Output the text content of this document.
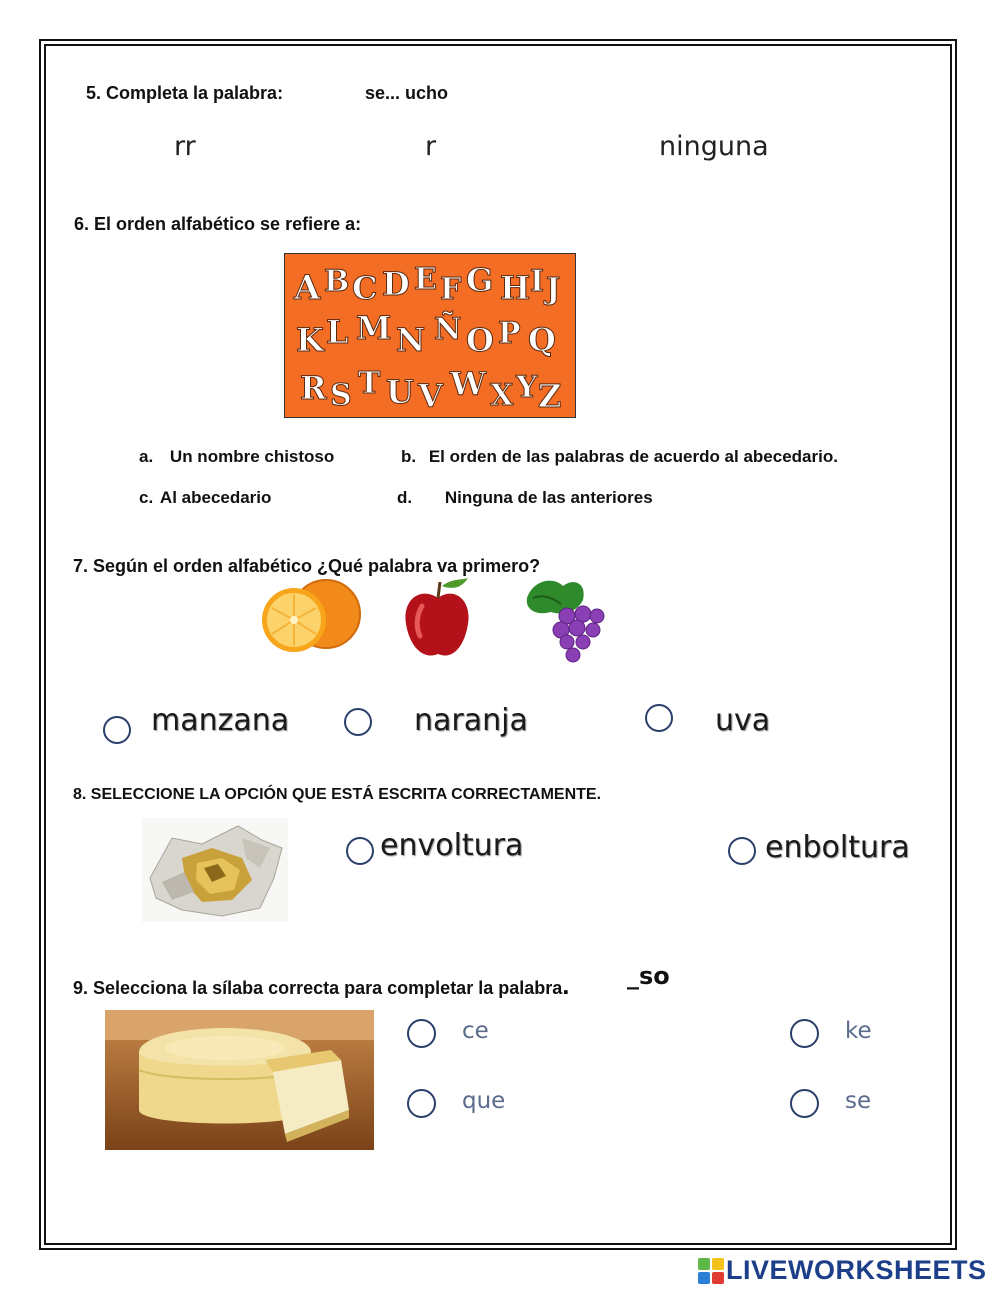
5. Completa la palabra:	se... ucho
rr	r	ninguna
6. El orden alfabético se refiere a:
A B C D E F G H I J
K L M N Ñ O P Q
R S T U V W X Y Z
a. Un nombre chistoso	b. El orden de las palabras de acuerdo al abecedario.
c. Al abecedario	d. Ninguna de las anteriores
7. Según el orden alfabético ¿Qué palabra va primero?
manzana	naranja	uva
8. SELECCIONE LA OPCIÓN QUE ESTÁ ESCRITA CORRECTAMENTE.
envoltura	enboltura
9. Selecciona la sílaba correcta para completar la palabra. _so
ce	ke
que	se
LIVEWORKSHEETS
